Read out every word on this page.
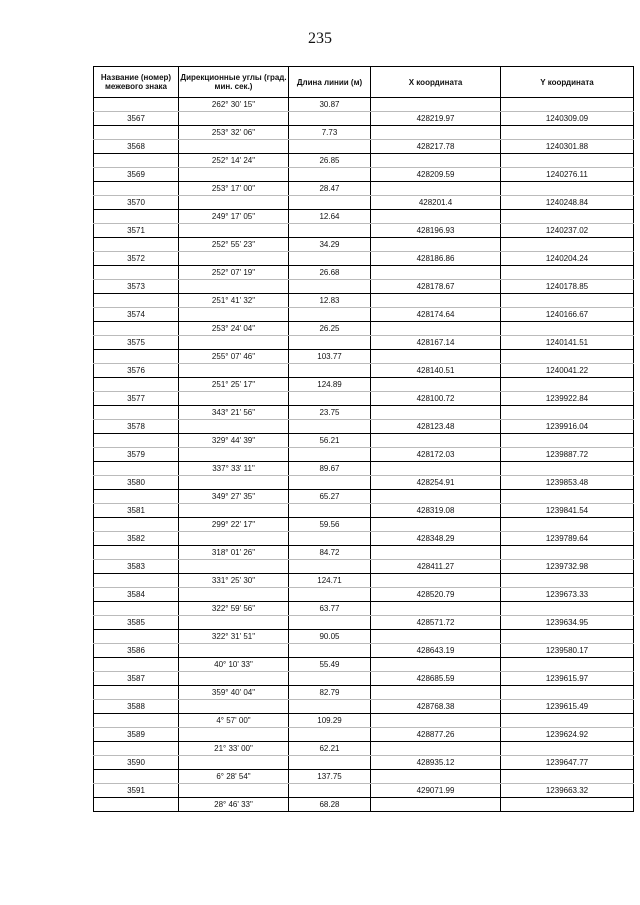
235
Название (номер) межевого знака	Дирекционные углы (град. мин. сек.)	Длина линии (м)	X координата	Y координата
	262° 30' 15"	30.87		
3567			428219.97	1240309.09
	253° 32' 06"	7.73		
3568			428217.78	1240301.88
	252° 14' 24"	26.85		
3569			428209.59	1240276.11
	253° 17' 00"	28.47		
3570			428201.4	1240248.84
	249° 17' 05"	12.64		
3571			428196.93	1240237.02
	252° 55' 23"	34.29		
3572			428186.86	1240204.24
	252° 07' 19"	26.68		
3573			428178.67	1240178.85
	251° 41' 32"	12.83		
3574			428174.64	1240166.67
	253° 24' 04"	26.25		
3575			428167.14	1240141.51
	255° 07' 46"	103.77		
3576			428140.51	1240041.22
	251° 25' 17"	124.89		
3577			428100.72	1239922.84
	343° 21' 56"	23.75		
3578			428123.48	1239916.04
	329° 44' 39"	56.21		
3579			428172.03	1239887.72
	337° 33' 11"	89.67		
3580			428254.91	1239853.48
	349° 27' 35"	65.27		
3581			428319.08	1239841.54
	299° 22' 17"	59.56		
3582			428348.29	1239789.64
	318° 01' 26"	84.72		
3583			428411.27	1239732.98
	331° 25' 30"	124.71		
3584			428520.79	1239673.33
	322° 59' 56"	63.77		
3585			428571.72	1239634.95
	322° 31' 51"	90.05		
3586			428643.19	1239580.17
	40° 10' 33"	55.49		
3587			428685.59	1239615.97
	359° 40' 04"	82.79		
3588			428768.38	1239615.49
	4° 57' 00"	109.29		
3589			428877.26	1239624.92
	21° 33' 00"	62.21		
3590			428935.12	1239647.77
	6° 28' 54"	137.75		
3591			429071.99	1239663.32
	28° 46' 33"	68.28		
